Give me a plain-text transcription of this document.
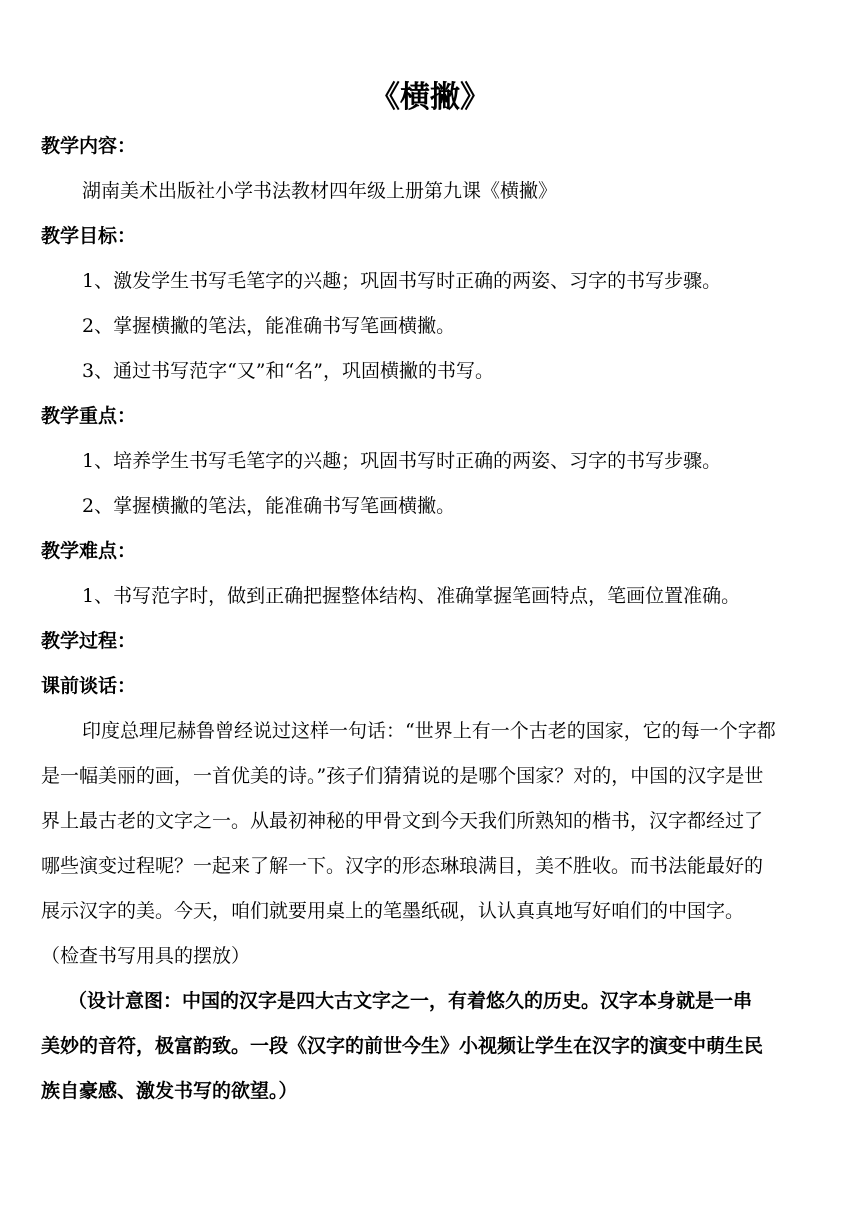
《横撇》
教学内容：
湖南美术出版社小学书法教材四年级上册第九课《横撇》
教学目标：
1、激发学生书写毛笔字的兴趣；巩固书写时正确的两姿、习字的书写步骤。
2、掌握横撇的笔法，能准确书写笔画横撇。
3、通过书写范字“又”和“名”，巩固横撇的书写。
教学重点：
1、培养学生书写毛笔字的兴趣；巩固书写时正确的两姿、习字的书写步骤。
2、掌握横撇的笔法，能准确书写笔画横撇。
教学难点：
1、书写范字时，做到正确把握整体结构、准确掌握笔画特点，笔画位置准确。
教学过程：
课前谈话：
印度总理尼赫鲁曾经说过这样一句话：“世界上有一个古老的国家，它的每一个字都
是一幅美丽的画，一首优美的诗。”孩子们猜猜说的是哪个国家？对的，中国的汉字是世
界上最古老的文字之一。从最初神秘的甲骨文到今天我们所熟知的楷书，汉字都经过了
哪些演变过程呢？一起来了解一下。汉字的形态琳琅满目，美不胜收。而书法能最好的
展示汉字的美。今天，咱们就要用桌上的笔墨纸砚，认认真真地写好咱们的中国字。
（检查书写用具的摆放）
（设计意图：中国的汉字是四大古文字之一，有着悠久的历史。汉字本身就是一串
美妙的音符，极富韵致。一段《汉字的前世今生》小视频让学生在汉字的演变中萌生民
族自豪感、激发书写的欲望。）
